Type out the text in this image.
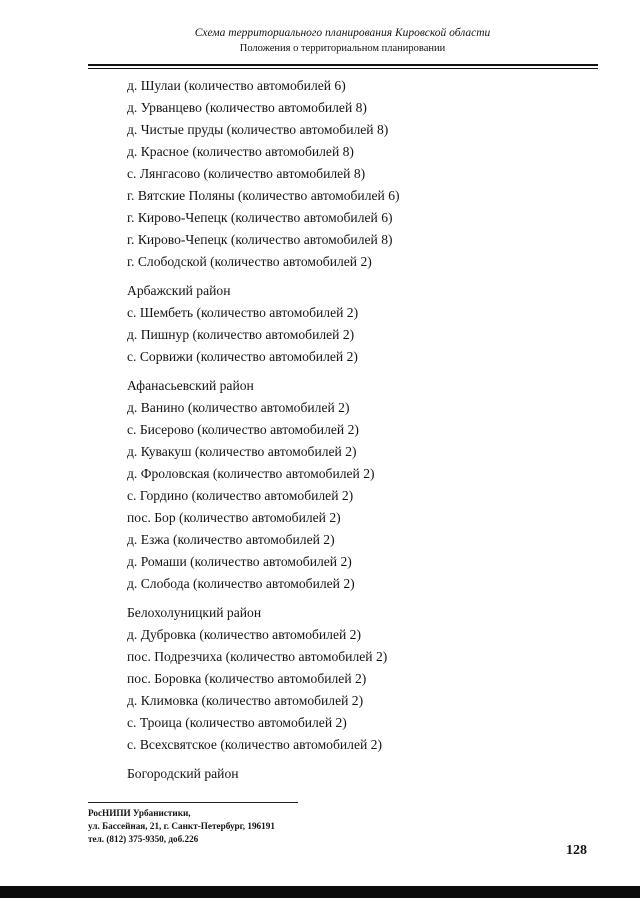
Схема территориального планирования Кировской области
Положения о территориальном планировании
д. Шулаи (количество автомобилей 6)
д. Урванцево (количество автомобилей 8)
д. Чистые пруды (количество автомобилей 8)
д. Красное (количество автомобилей 8)
с. Лянгасово (количество автомобилей 8)
г. Вятские Поляны (количество автомобилей 6)
г. Кирово-Чепецк (количество автомобилей 6)
г. Кирово-Чепецк (количество автомобилей 8)
г. Слободской (количество автомобилей 2)
Арбажский район
с. Шембеть (количество автомобилей 2)
д. Пишнур (количество автомобилей 2)
с. Сорвижи (количество автомобилей 2)
Афанасьевский район
д. Ванино (количество автомобилей 2)
с. Бисерово (количество автомобилей 2)
д. Кувакуш (количество автомобилей 2)
д. Фроловская (количество автомобилей 2)
с. Гордино (количество автомобилей 2)
пос. Бор (количество автомобилей 2)
д. Езжа (количество автомобилей 2)
д. Ромаши (количество автомобилей 2)
д. Слобода (количество автомобилей 2)
Белохолуницкий район
д. Дубровка (количество автомобилей 2)
пос. Подрезчиха (количество автомобилей 2)
пос. Боровка (количество автомобилей 2)
д. Климовка (количество автомобилей 2)
с. Троица (количество автомобилей 2)
с. Всехсвятское (количество автомобилей 2)
Богородский район
РосНИПИ Урбанистики,
ул. Бассейная, 21, г. Санкт-Петербург, 196191
тел. (812) 375-9350, доб.226
128
